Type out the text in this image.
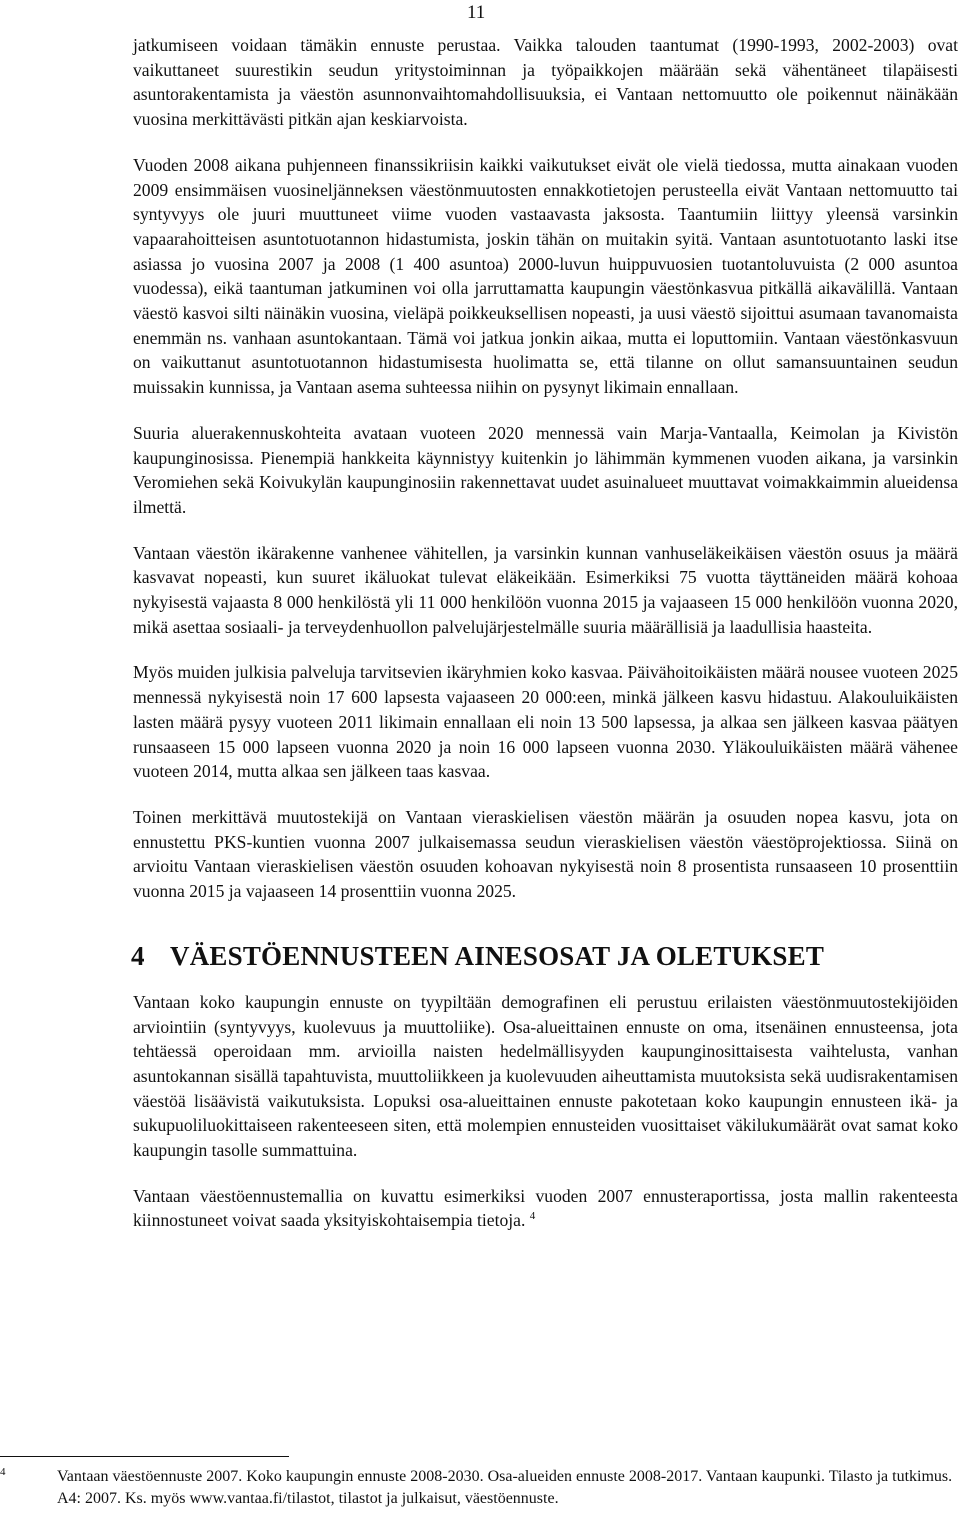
11

jatkumiseen voidaan tämäkin ennuste perustaa. Vaikka talouden taantumat (1990-1993, 2002-2003) ovat vaikuttaneet suurestikin seudun yritystoiminnan ja työpaikkojen määrään sekä vähentäneet tilapäisesti asuntorakentamista ja väestön asunnonvaihtomahdollisuuksia, ei Vantaan nettomuutto ole poikennut näinäkään vuosina merkittävästi pitkän ajan keskiarvoista.

Vuoden 2008 aikana puhjenneen finanssikriisin kaikki vaikutukset eivät ole vielä tiedossa, mutta ainakaan vuoden 2009 ensimmäisen vuosineljänneksen väestönmuutosten ennakkotietojen perusteella eivät Vantaan nettomuutto tai syntyvyys ole juuri muuttuneet viime vuoden vastaavasta jaksosta. Taantumiin liittyy yleensä varsinkin vapaarahoitteisen asuntotuotannon hidastumista, joskin tähän on muitakin syitä. Vantaan asuntotuotanto laski itse asiassa jo vuosina 2007 ja 2008 (1 400 asuntoa) 2000-luvun huippuvuosien tuotantoluvuista (2 000 asuntoa vuodessa), eikä taantuman jatkuminen voi olla jarruttamatta kaupungin väestönkasvua pitkällä aikavälillä. Vantaan väestö kasvoi silti näinäkin vuosina, vieläpä poikkeuksellisen nopeasti, ja uusi väestö sijoittui asumaan tavanomaista enemmän ns. vanhaan asuntokantaan. Tämä voi jatkua jonkin aikaa, mutta ei loputtomiin. Vantaan väestönkasvuun on vaikuttanut asuntotuotannon hidastumisesta huolimatta se, että tilanne on ollut samansuuntainen seudun muissakin kunnissa, ja Vantaan asema suhteessa niihin on pysynyt likimain ennallaan.

Suuria aluerakennuskohteita avataan vuoteen 2020 mennessä vain Marja-Vantaalla, Keimolan ja Kivistön kaupunginosissa. Pienempiä hankkeita käynnistyy kuitenkin jo lähimmän kymmenen vuoden aikana, ja varsinkin Veromiehen sekä Koivukylän kaupunginosiin rakennettavat uudet asuinalueet muuttavat voimakkaimmin alueidensa ilmettä.

Vantaan väestön ikärakenne vanhenee vähitellen, ja varsinkin kunnan vanhuseläkeikäisen väestön osuus ja määrä kasvavat nopeasti, kun suuret ikäluokat tulevat eläkeikään. Esimerkiksi 75 vuotta täyttäneiden määrä kohoaa nykyisestä vajaasta 8 000 henkilöstä yli 11 000 henkilöön vuonna 2015 ja vajaaseen 15 000 henkilöön vuonna 2020, mikä asettaa sosiaali- ja terveydenhuollon palvelujärjestelmälle suuria määrällisiä ja laadullisia haasteita.

Myös muiden julkisia palveluja tarvitsevien ikäryhmien koko kasvaa. Päivähoitoikäisten määrä nousee vuoteen 2025 mennessä nykyisestä noin 17 600 lapsesta vajaaseen 20 000:een, minkä jälkeen kasvu hidastuu. Alakouluikäisten lasten määrä pysyy vuoteen 2011 likimain ennallaan eli noin 13 500 lapsessa, ja alkaa sen jälkeen kasvaa päätyen runsaaseen 15 000 lapseen vuonna 2020 ja noin 16 000 lapseen vuonna 2030. Yläkouluikäisten määrä vähenee vuoteen 2014, mutta alkaa sen jälkeen taas kasvaa.

Toinen merkittävä muutostekijä on Vantaan vieraskielisen väestön määrän ja osuuden nopea kasvu, jota on ennustettu PKS-kuntien vuonna 2007 julkaisemassa seudun vieraskielisen väestön väestöprojektiossa. Siinä on arvioitu Vantaan vieraskielisen väestön osuuden kohoavan nykyisestä noin 8 prosentista runsaaseen 10 prosenttiin vuonna 2015 ja vajaaseen 14 prosenttiin vuonna 2025.

4 VÄESTÖENNUSTEEN AINESOSAT JA OLETUKSET

Vantaan koko kaupungin ennuste on tyypiltään demografinen eli perustuu erilaisten väestönmuutostekijöiden arviointiin (syntyvyys, kuolevuus ja muuttoliike). Osa-alueittainen ennuste on oma, itsenäinen ennusteensa, jota tehtäessä operoidaan mm. arvioilla naisten hedelmällisyyden kaupunginosittaisesta vaihtelusta, vanhan asuntokannan sisällä tapahtuvista, muuttoliikkeen ja kuolevuuden aiheuttamista muutoksista sekä uudisrakentamisen väestöä lisäävistä vaikutuksista. Lopuksi osa-alueittainen ennuste pakotetaan koko kaupungin ennusteen ikä- ja sukupuoliluokittaiseen rakenteeseen siten, että molempien ennusteiden vuosittaiset väkilukumäärät ovat samat koko kaupungin tasolle summattuina.

Vantaan väestöennustemallia on kuvattu esimerkiksi vuoden 2007 ennusteraportissa, josta mallin rakenteesta kiinnostuneet voivat saada yksityiskohtaisempia tietoja. $^4$

4	Vantaan väestöennuste 2007. Koko kaupungin ennuste 2008-2030. Osa-alueiden ennuste 2008-2017. Vantaan kaupunki. Tilasto ja tutkimus. A4: 2007. Ks. myös www.vantaa.fi/tilastot, tilastot ja julkaisut, väestöennuste.
